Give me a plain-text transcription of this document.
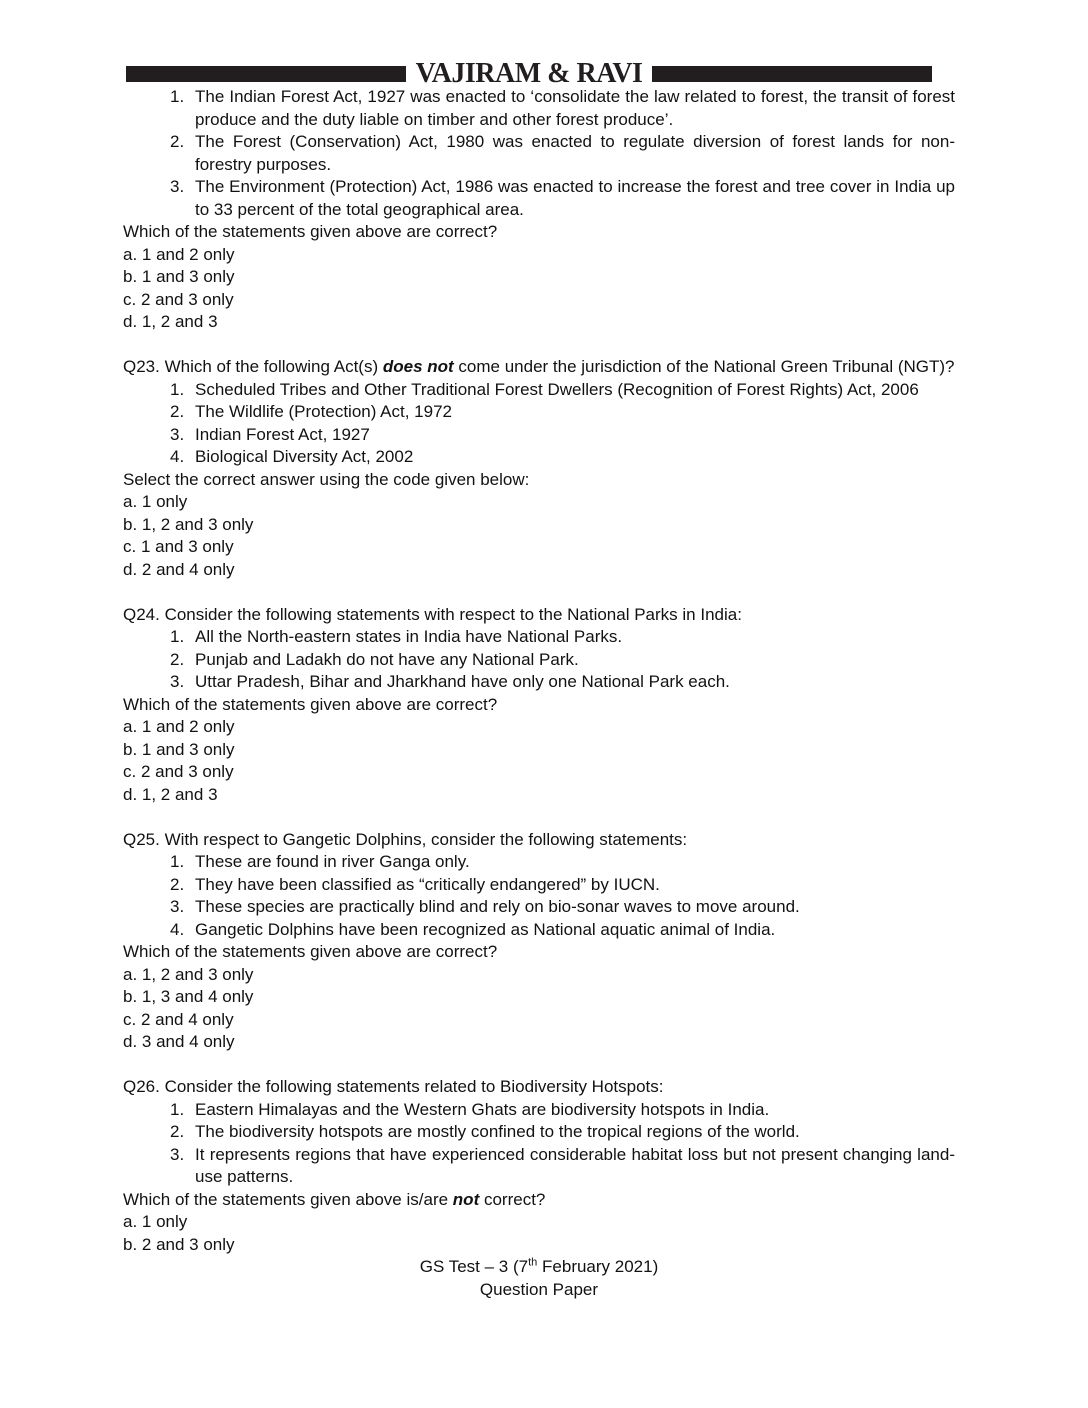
VAJIRAM & RAVI
1. The Indian Forest Act, 1927 was enacted to ‘consolidate the law related to forest, the transit of forest produce and the duty liable on timber and other forest produce’.
2. The Forest (Conservation) Act, 1980 was enacted to regulate diversion of forest lands for non-forestry purposes.
3. The Environment (Protection) Act, 1986 was enacted to increase the forest and tree cover in India up to 33 percent of the total geographical area.
Which of the statements given above are correct?
a. 1 and 2 only
b. 1 and 3 only
c. 2 and 3 only
d. 1, 2 and 3
Q23. Which of the following Act(s) does not come under the jurisdiction of the National Green Tribunal (NGT)?
1. Scheduled Tribes and Other Traditional Forest Dwellers (Recognition of Forest Rights) Act, 2006
2. The Wildlife (Protection) Act, 1972
3. Indian Forest Act, 1927
4. Biological Diversity Act, 2002
Select the correct answer using the code given below:
a. 1 only
b. 1, 2 and 3 only
c. 1 and 3 only
d. 2 and 4 only
Q24. Consider the following statements with respect to the National Parks in India:
1. All the North-eastern states in India have National Parks.
2. Punjab and Ladakh do not have any National Park.
3. Uttar Pradesh, Bihar and Jharkhand have only one National Park each.
Which of the statements given above are correct?
a. 1 and 2 only
b. 1 and 3 only
c. 2 and 3 only
d. 1, 2 and 3
Q25. With respect to Gangetic Dolphins, consider the following statements:
1. These are found in river Ganga only.
2. They have been classified as “critically endangered” by IUCN.
3. These species are practically blind and rely on bio-sonar waves to move around.
4. Gangetic Dolphins have been recognized as National aquatic animal of India.
Which of the statements given above are correct?
a. 1, 2 and 3 only
b. 1, 3 and 4 only
c. 2 and 4 only
d. 3 and 4 only
Q26. Consider the following statements related to Biodiversity Hotspots:
1. Eastern Himalayas and the Western Ghats are biodiversity hotspots in India.
2. The biodiversity hotspots are mostly confined to the tropical regions of the world.
3. It represents regions that have experienced considerable habitat loss but not present changing land-use patterns.
Which of the statements given above is/are not correct?
a. 1 only
b. 2 and 3 only
GS Test – 3 (7th February 2021)
Question Paper
